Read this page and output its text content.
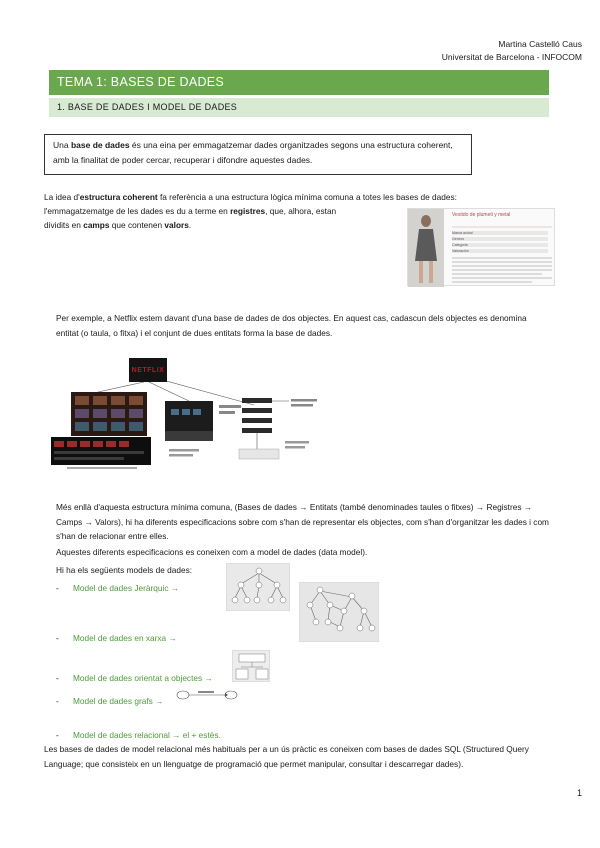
Martina Castelló Caus
Universitat de Barcelona - INFOCOM
TEMA 1: BASES DE DADES
1. BASE DE DADES I MODEL DE DADES
Una base de dades és una eina per emmagatzemar dades organitzades segons una estructura coherent, amb la finalitat de poder cercar, recuperar i difondre aquestes dades.
La idea d'estructura coherent fa referència a una estructura lògica mínima comuna a totes les bases de dades:
l'emmagatzematge de les dades es du a terme en registres, que, alhora, estan
dividits en camps que contenen valors.
Vestido de plumeti y metal
Marca actual
Genero
Categoria
Valoración
Per exemple, a Netflix estem davant d'una base de dades de dos objectes. En aquest cas, cadascun dels objectes es denomina entitat (o taula, o fitxa) i el conjunt de dues entitats forma la base de dades.
NETFLIX
Més enllà d'aquesta estructura mínima comuna, (Bases de dades → Entitats (també denominades taules o fitxes) → Registres → Camps → Valors), hi ha diferents especificacions sobre com s'han de representar els objectes, com s'han d'organitzar les dades i com s'han de relacionar entre elles.
Aquestes diferents especificacions es coneixen com a model de dades (data model).
Hi ha els següents models de dades:
- Model de dades Jeràrquic →
- Model de dades en xarxa →
- Model de dades orientat a objectes →
- Model de dades grafs →
- Model de dades relacional → el + estès.
Les bases de dades de model relacional més habituals per a un ús pràctic es coneixen com bases de dades SQL (Structured Query Language; que consisteix en un llenguatge de programació que permet manipular, consultar i descarregar dades).
1
